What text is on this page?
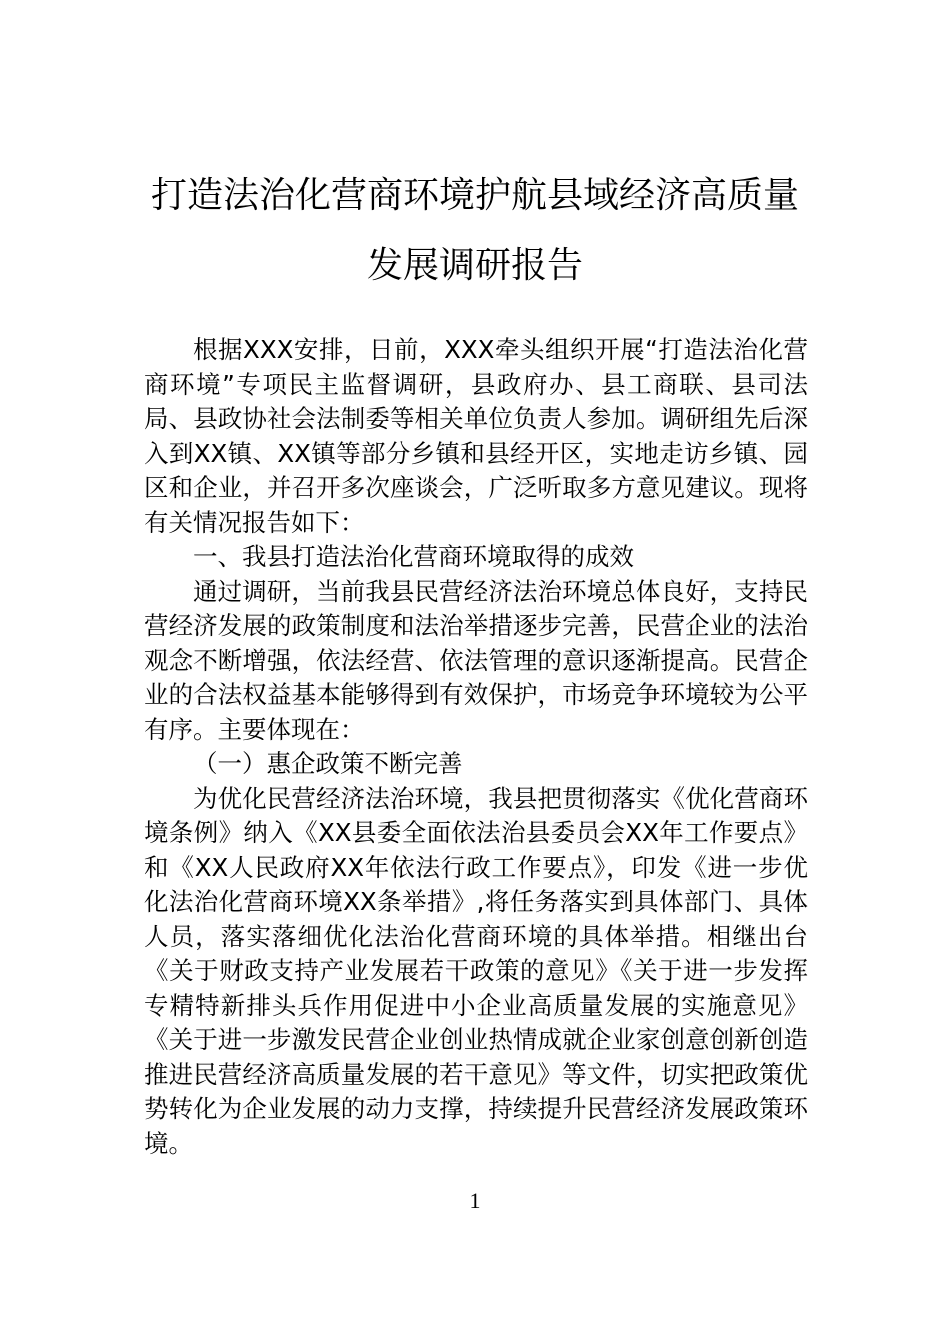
打造法治化营商环境护航县域经济高质量
发展调研报告

根据XXX安排，日前，XXX牵头组织开展“打造法治化营商环境”专项民主监督调研，县政府办、县工商联、县司法局、县政协社会法制委等相关单位负责人参加。调研组先后深入到XX镇、XX镇等部分乡镇和县经开区，实地走访乡镇、园区和企业，并召开多次座谈会，广泛听取多方意见建议。现将有关情况报告如下：

一、我县打造法治化营商环境取得的成效

通过调研，当前我县民营经济法治环境总体良好，支持民营经济发展的政策制度和法治举措逐步完善，民营企业的法治观念不断增强，依法经营、依法管理的意识逐渐提高。民营企业的合法权益基本能够得到有效保护，市场竞争环境较为公平有序。主要体现在：

（一）惠企政策不断完善

为优化民营经济法治环境，我县把贯彻落实《优化营商环境条例》纳入《XX县委全面依法治县委员会XX年工作要点》和《XX人民政府XX年依法行政工作要点》，印发《进一步优化法治化营商环境XX条举措》,将任务落实到具体部门、具体人员，落实落细优化法治化营商环境的具体举措。相继出台《关于财政支持产业发展若干政策的意见》《关于进一步发挥专精特新排头兵作用促进中小企业高质量发展的实施意见》《关于进一步激发民营企业创业热情成就企业家创意创新创造推进民营经济高质量发展的若干意见》等文件，切实把政策优势转化为企业发展的动力支撑，持续提升民营经济发展政策环境。

1
